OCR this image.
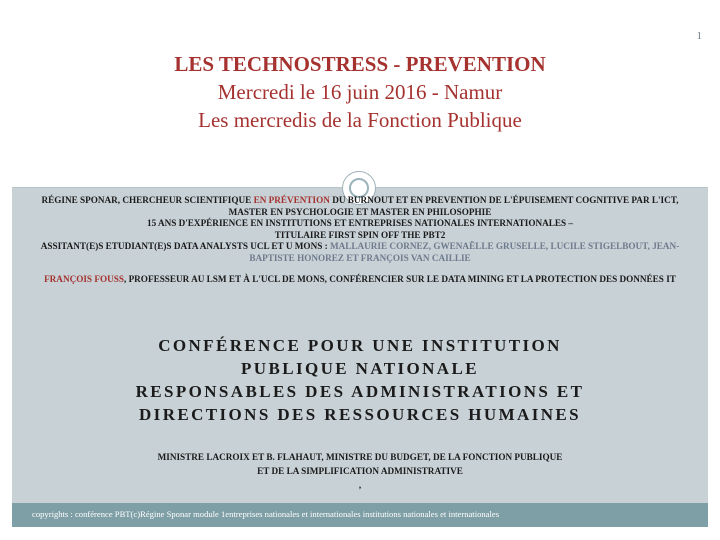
1
LES TECHNOSTRESS - PREVENTION
Mercredi le 16 juin 2016 - Namur
Les mercredis de la Fonction Publique

RÉGINE SPONAR, CHERCHEUR SCIENTIFIQUE EN PRÉVENTION DU BURNOUT ET EN PREVENTION DE L'ÉPUISEMENT COGNITIVE PAR L'ICT, MASTER EN PSYCHOLOGIE ET MASTER EN PHILOSOPHIE

15 ANS D'EXPÉRIENCE EN INSTITUTIONS ET ENTREPRISES NATIONALES INTERNATIONALES –

TITULAIRE FIRST SPIN OFF THE PBT2

ASSITANT(E)S ETUDIANT(E)S DATA ANALYSTS UCL ET U MONS : MALLAURIE CORNEZ, GWENAËLLE GRUSELLE, LUCILE STIGELBOUT, JEAN-BAPTISTE HONOREZ ET FRANÇOIS VAN CAILLIE

FRANÇOIS FOUSS, PROFESSEUR AU LSM ET À L'UCL DE MONS, CONFÉRENCIER SUR LE DATA MINING ET LA PROTECTION DES DONNÉES IT

CONFÉRENCE POUR UNE INSTITUTION

PUBLIQUE NATIONALE

RESPONSABLES DES ADMINISTRATIONS ET

DIRECTIONS DES RESSOURCES HUMAINES

MINISTRE LACROIX ET B. FLAHAUT, MINISTRE DU BUDGET, DE LA FONCTION PUBLIQUE

ET DE LA SIMPLIFICATION ADMINISTRATIVE

,

copyrights : conférence PBT(c)Régine Sponar module 1entreprises nationales et internationales institutions nationales et internationales
